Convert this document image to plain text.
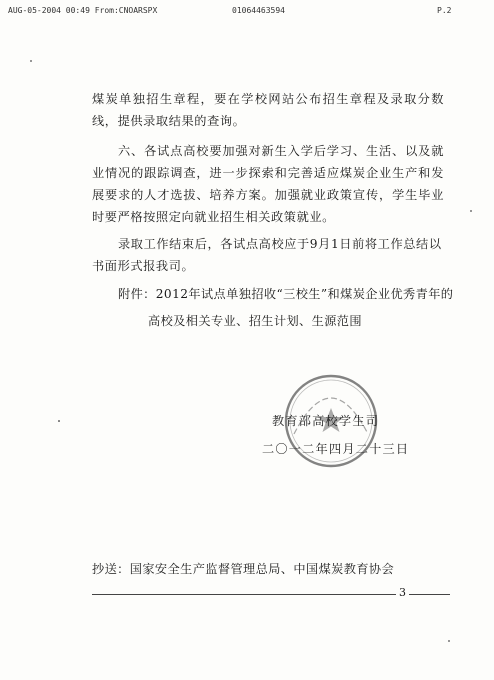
AUG-05-2004 00:49 From:CNOARSPX	01064463594	P.2

煤炭单独招生章程，要在学校网站公布招生章程及录取分数线，提供录取结果的查询。

六、各试点高校要加强对新生入学后学习、生活、以及就业情况的跟踪调查，进一步探索和完善适应煤炭企业生产和发展要求的人才选拔、培养方案。加强就业政策宣传，学生毕业时要严格按照定向就业招生相关政策就业。

录取工作结束后，各试点高校应于9月1日前将工作总结以

书面形式报我司。

附件：2012年试点单独招收“三校生”和煤炭企业优秀青年的
高校及相关专业、招生计划、生源范围
教育部高校学生司
二〇一二年四月二十三日
抄送：国家安全生产监督管理总局、中国煤炭教育协会
3
